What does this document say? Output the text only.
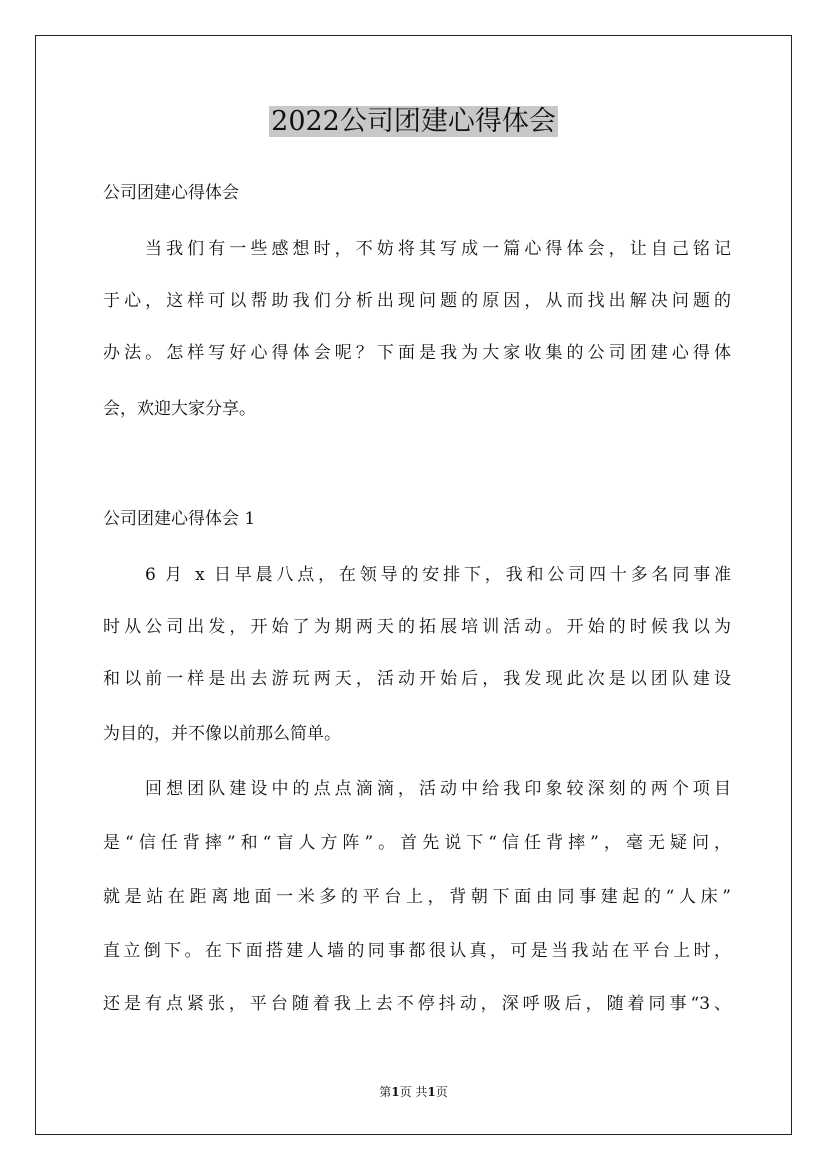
2022公司团建心得体会
公司团建心得体会
当我们有一些感想时，不妨将其写成一篇心得体会，让自己铭记
于心，这样可以帮助我们分析出现问题的原因，从而找出解决问题的
办法。怎样写好心得体会呢？下面是我为大家收集的公司团建心得体
会，欢迎大家分享。
公司团建心得体会 1
6 月 x 日早晨八点，在领导的安排下，我和公司四十多名同事准
时从公司出发，开始了为期两天的拓展培训活动。开始的时候我以为
和以前一样是出去游玩两天，活动开始后，我发现此次是以团队建设
为目的，并不像以前那么简单。
回想团队建设中的点点滴滴，活动中给我印象较深刻的两个项目
是“信任背摔”和“盲人方阵”。首先说下“信任背摔”，毫无疑问，
就是站在距离地面一米多的平台上，背朝下面由同事建起的“人床”
直立倒下。在下面搭建人墙的同事都很认真，可是当我站在平台上时，
还是有点紧张，平台随着我上去不停抖动，深呼吸后，随着同事“3、
第1页 共1页
